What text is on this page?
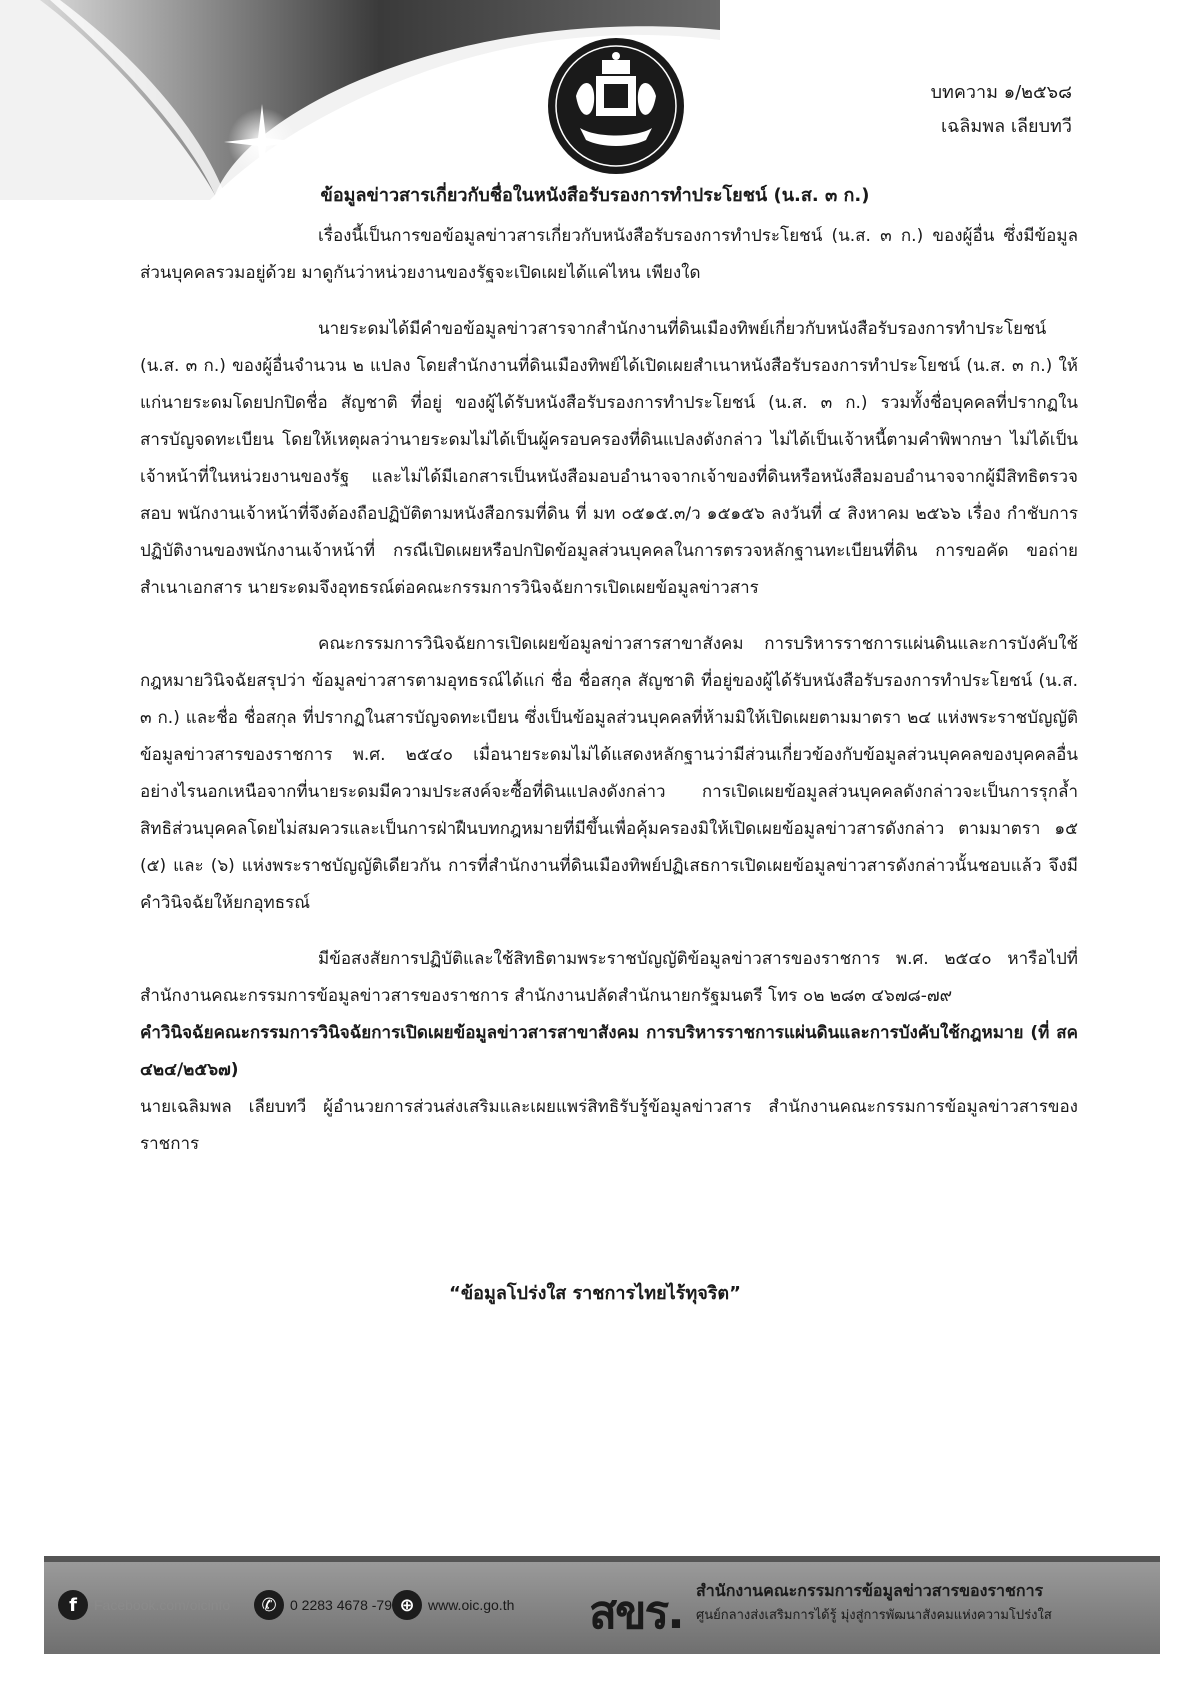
บทความ ๑/๒๕๖๘
เฉลิมพล เลียบทวี
ข้อมูลข่าวสารเกี่ยวกับชื่อในหนังสือรับรองการทำประโยชน์ (น.ส. ๓ ก.)

เรื่องนี้เป็นการขอข้อมูลข่าวสารเกี่ยวกับหนังสือรับรองการทำประโยชน์ (น.ส. ๓ ก.) ของผู้อื่น ซึ่งมีข้อมูลส่วนบุคคลรวมอยู่ด้วย มาดูกันว่าหน่วยงานของรัฐจะเปิดเผยได้แค่ไหน เพียงใด

นายระดมได้มีคำขอข้อมูลข่าวสารจากสำนักงานที่ดินเมืองทิพย์เกี่ยวกับหนังสือรับรองการทำประโยชน์ (น.ส. ๓ ก.) ของผู้อื่นจำนวน ๒ แปลง โดยสำนักงานที่ดินเมืองทิพย์ได้เปิดเผยสำเนาหนังสือรับรองการทำประโยชน์ (น.ส. ๓ ก.) ให้แก่นายระดมโดยปกปิดชื่อ สัญชาติ ที่อยู่ ของผู้ได้รับหนังสือรับรองการทำประโยชน์ (น.ส. ๓ ก.) รวมทั้งชื่อบุคคลที่ปรากฏในสารบัญจดทะเบียน โดยให้เหตุผลว่านายระดมไม่ได้เป็นผู้ครอบครองที่ดินแปลงดังกล่าว ไม่ได้เป็นเจ้าหนี้ตามคำพิพากษา ไม่ได้เป็นเจ้าหน้าที่ในหน่วยงานของรัฐ และไม่ได้มีเอกสารเป็นหนังสือมอบอำนาจจากเจ้าของที่ดินหรือหนังสือมอบอำนาจจากผู้มีสิทธิตรวจสอบ พนักงานเจ้าหน้าที่จึงต้องถือปฏิบัติตามหนังสือกรมที่ดิน ที่ มท ๐๕๑๕.๓/ว ๑๕๑๕๖ ลงวันที่ ๔ สิงหาคม ๒๕๖๖ เรื่อง กำชับการปฏิบัติงานของพนักงานเจ้าหน้าที่ กรณีเปิดเผยหรือปกปิดข้อมูลส่วนบุคคลในการตรวจหลักฐานทะเบียนที่ดิน การขอคัด ขอถ่ายสำเนาเอกสาร นายระดมจึงอุทธรณ์ต่อคณะกรรมการวินิจฉัยการเปิดเผยข้อมูลข่าวสาร

คณะกรรมการวินิจฉัยการเปิดเผยข้อมูลข่าวสารสาขาสังคม การบริหารราชการแผ่นดินและการบังคับใช้กฎหมายวินิจฉัยสรุปว่า ข้อมูลข่าวสารตามอุทธรณ์ได้แก่ ชื่อ ชื่อสกุล สัญชาติ ที่อยู่ของผู้ได้รับหนังสือรับรองการทำประโยชน์ (น.ส. ๓ ก.) และชื่อ ชื่อสกุล ที่ปรากฏในสารบัญจดทะเบียน ซึ่งเป็นข้อมูลส่วนบุคคลที่ห้ามมิให้เปิดเผยตามมาตรา ๒๔ แห่งพระราชบัญญัติข้อมูลข่าวสารของราชการ พ.ศ. ๒๕๔๐ เมื่อนายระดมไม่ได้แสดงหลักฐานว่ามีส่วนเกี่ยวข้องกับข้อมูลส่วนบุคคลของบุคคลอื่นอย่างไรนอกเหนือจากที่นายระดมมีความประสงค์จะซื้อที่ดินแปลงดังกล่าว การเปิดเผยข้อมูลส่วนบุคคลดังกล่าวจะเป็นการรุกล้ำสิทธิส่วนบุคคลโดยไม่สมควรและเป็นการฝ่าฝืนบทกฎหมายที่มีขึ้นเพื่อคุ้มครองมิให้เปิดเผยข้อมูลข่าวสารดังกล่าว ตามมาตรา ๑๕ (๕) และ (๖) แห่งพระราชบัญญัติเดียวกัน การที่สำนักงานที่ดินเมืองทิพย์ปฏิเสธการเปิดเผยข้อมูลข่าวสารดังกล่าวนั้นชอบแล้ว จึงมีคำวินิจฉัยให้ยกอุทธรณ์

มีข้อสงสัยการปฏิบัติและใช้สิทธิตามพระราชบัญญัติข้อมูลข่าวสารของราชการ พ.ศ. ๒๕๔๐ หารือไปที่สำนักงานคณะกรรมการข้อมูลข่าวสารของราชการ สำนักงานปลัดสำนักนายกรัฐมนตรี โทร ๐๒ ๒๘๓ ๔๖๗๘-๗๙

คำวินิจฉัยคณะกรรมการวินิจฉัยการเปิดเผยข้อมูลข่าวสารสาขาสังคม การบริหารราชการแผ่นดินและการบังคับใช้กฎหมาย (ที่ สค ๔๒๔/๒๕๖๗)

นายเฉลิมพล เลียบทวี ผู้อำนวยการส่วนส่งเสริมและเผยแพร่สิทธิรับรู้ข้อมูลข่าวสาร สำนักงานคณะกรรมการข้อมูลข่าวสารของราชการ

“ข้อมูลโปร่งใส ราชการไทยไร้ทุจริต”

f	Facebook.com/oicinfo	✆ 0 2283 4678 -79 ⊕ www.oic.go.th สขร. สำนักงานคณะกรรมการข้อมูลข่าวสารของราชการ
ศูนย์กลางส่งเสริมการได้รู้ มุ่งสู่การพัฒนาสังคมแห่งความโปร่งใส
